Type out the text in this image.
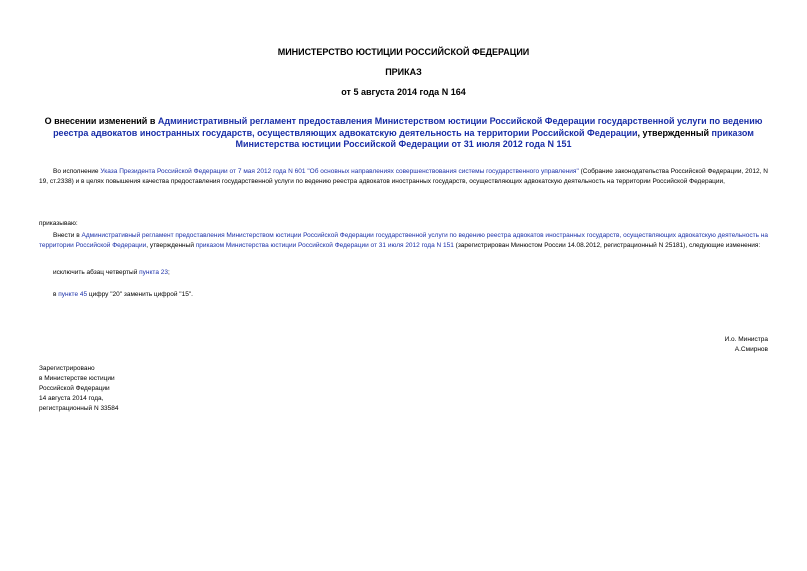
МИНИСТЕРСТВО ЮСТИЦИИ РОССИЙСКОЙ ФЕДЕРАЦИИ
ПРИКАЗ
от 5 августа 2014 года N 164
О внесении изменений в Административный регламент предоставления Министерством юстиции Российской Федерации государственной услуги по ведению реестра адвокатов иностранных государств, осуществляющих адвокатскую деятельность на территории Российской Федерации, утвержденный приказом Министерства юстиции Российской Федерации от 31 июля 2012 года N 151
Во исполнение Указа Президента Российской Федерации от 7 мая 2012 года N 601 "Об основных направлениях совершенствования системы государственного управления" (Собрание законодательства Российской Федерации, 2012, N 19, ст.2338) и в целях повышения качества предоставления государственной услуги по ведению реестра адвокатов иностранных государств, осуществляющих адвокатскую деятельность на территории Российской Федерации,
приказываю:
Внести в Административный регламент предоставления Министерством юстиции Российской Федерации государственной услуги по ведению реестра адвокатов иностранных государств, осуществляющих адвокатскую деятельность на территории Российской Федерации, утвержденный приказом Министерства юстиции Российской Федерации от 31 июля 2012 года N 151 (зарегистрирован Минюстом России 14.08.2012, регистрационный N 25181), следующие изменения:
исключить абзац четвертый пункта 23;
в пункте 45 цифру "20" заменить цифрой "15".
И.о. Министра
А.Смирнов
Зарегистрировано
в Министерстве юстиции
Российской Федерации
14 августа 2014 года,
регистрационный N 33584
